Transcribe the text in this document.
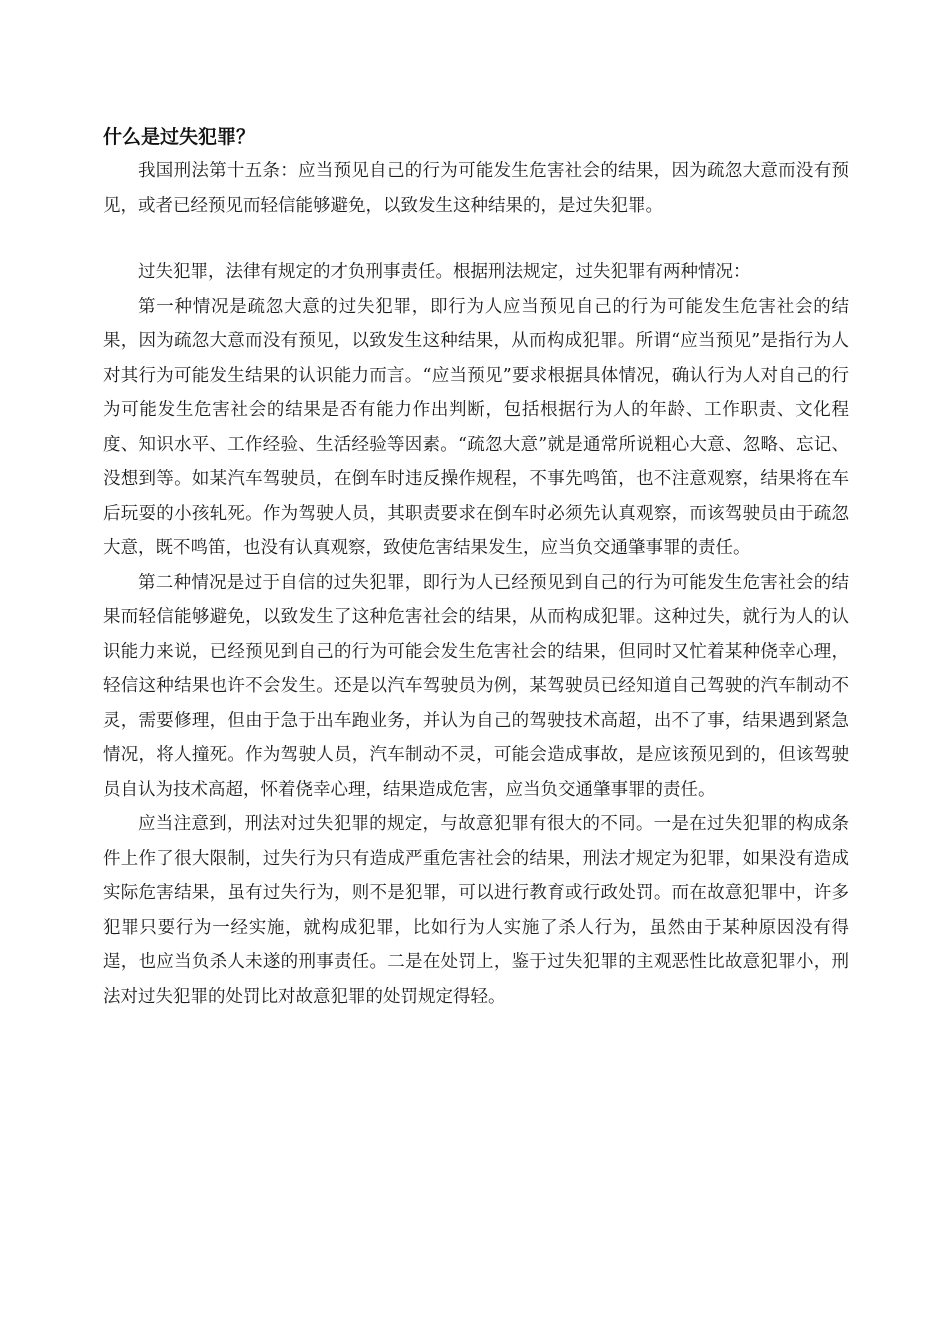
什么是过失犯罪？

我国刑法第十五条：应当预见自己的行为可能发生危害社会的结果，因为疏忽大意而没有预见，或者已经预见而轻信能够避免，以致发生这种结果的，是过失犯罪。

过失犯罪，法律有规定的才负刑事责任。根据刑法规定，过失犯罪有两种情况：

第一种情况是疏忽大意的过失犯罪，即行为人应当预见自己的行为可能发生危害社会的结果，因为疏忽大意而没有预见，以致发生这种结果，从而构成犯罪。所谓“应当预见”是指行为人对其行为可能发生结果的认识能力而言。“应当预见”要求根据具体情况，确认行为人对自己的行为可能发生危害社会的结果是否有能力作出判断，包括根据行为人的年龄、工作职责、文化程度、知识水平、工作经验、生活经验等因素。“疏忽大意”就是通常所说粗心大意、忽略、忘记、没想到等。如某汽车驾驶员，在倒车时违反操作规程，不事先鸣笛，也不注意观察，结果将在车后玩耍的小孩轧死。作为驾驶人员，其职责要求在倒车时必须先认真观察，而该驾驶员由于疏忽大意，既不鸣笛，也没有认真观察，致使危害结果发生，应当负交通肇事罪的责任。

第二种情况是过于自信的过失犯罪，即行为人已经预见到自己的行为可能发生危害社会的结果而轻信能够避免，以致发生了这种危害社会的结果，从而构成犯罪。这种过失，就行为人的认识能力来说，已经预见到自己的行为可能会发生危害社会的结果，但同时又忙着某种侥幸心理，轻信这种结果也许不会发生。还是以汽车驾驶员为例，某驾驶员已经知道自己驾驶的汽车制动不灵，需要修理，但由于急于出车跑业务，并认为自己的驾驶技术高超，出不了事，结果遇到紧急情况，将人撞死。作为驾驶人员，汽车制动不灵，可能会造成事故，是应该预见到的，但该驾驶员自认为技术高超，怀着侥幸心理，结果造成危害，应当负交通肇事罪的责任。

应当注意到，刑法对过失犯罪的规定，与故意犯罪有很大的不同。一是在过失犯罪的构成条件上作了很大限制，过失行为只有造成严重危害社会的结果，刑法才规定为犯罪，如果没有造成实际危害结果，虽有过失行为，则不是犯罪，可以进行教育或行政处罚。而在故意犯罪中，许多犯罪只要行为一经实施，就构成犯罪，比如行为人实施了杀人行为，虽然由于某种原因没有得逞，也应当负杀人未遂的刑事责任。二是在处罚上，鉴于过失犯罪的主观恶性比故意犯罪小，刑法对过失犯罪的处罚比对故意犯罪的处罚规定得轻。
